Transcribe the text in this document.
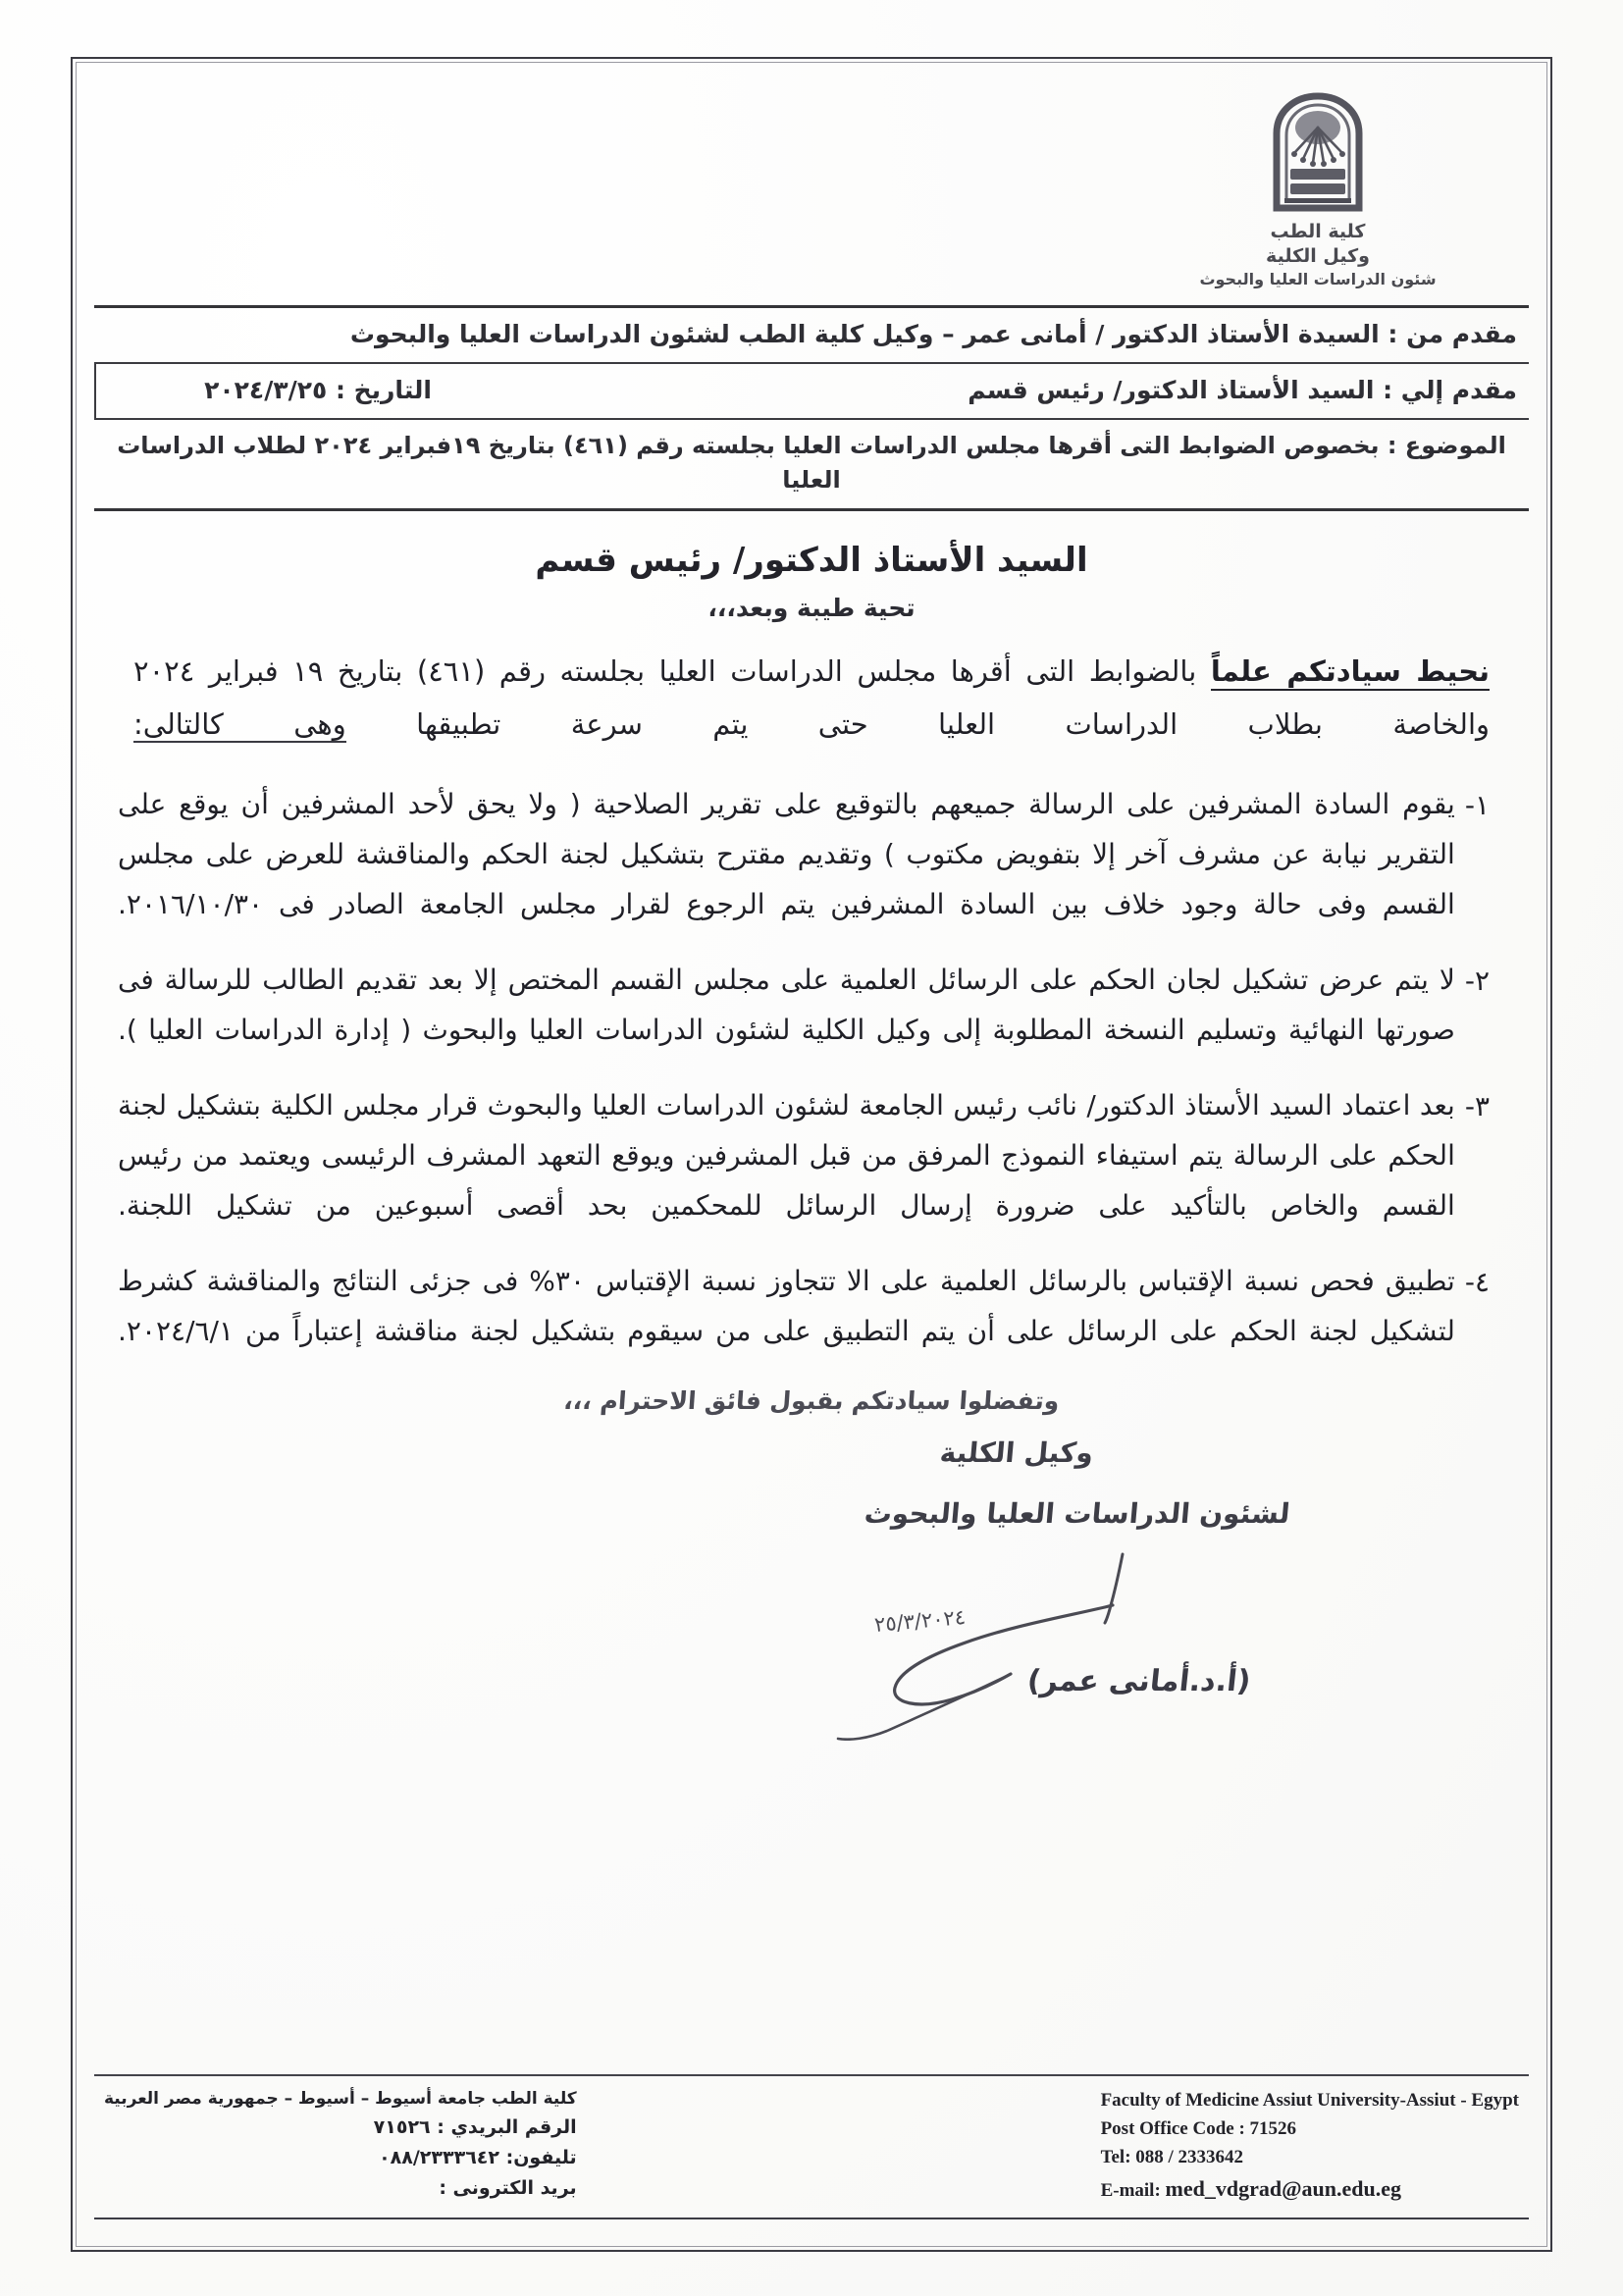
كلية الطب
وكيل الكلية
شئون الدراسات العليا والبحوث
مقدم من : السيدة الأستاذ الدكتور / أمانى عمر – وكيل كلية الطب لشئون الدراسات العليا والبحوث
مقدم إلي : السيد الأستاذ الدكتور/ رئيس قسم
التاريخ : ٢٠٢٤/٣/٢٥
الموضوع : بخصوص الضوابط التى أقرها مجلس الدراسات العليا بجلسته رقم (٤٦١) بتاريخ ١٩فبراير ٢٠٢٤ لطلاب الدراسات العليا
السيد الأستاذ الدكتور/ رئيس قسم
تحية طيبة وبعد،،،

نحيط سيادتكم علماً بالضوابط التى أقرها مجلس الدراسات العليا بجلسته رقم (٤٦١) بتاريخ ١٩ فبراير ٢٠٢٤ والخاصة بطلاب الدراسات العليا حتى يتم سرعة تطبيقها وهى كالتالى:

١-
يقوم السادة المشرفين على الرسالة جميعهم بالتوقيع على تقرير الصلاحية ( ولا يحق لأحد المشرفين أن يوقع على التقرير نيابة عن مشرف آخر إلا بتفويض مكتوب ) وتقديم مقترح بتشكيل لجنة الحكم والمناقشة للعرض على مجلس القسم وفى حالة وجود خلاف بين السادة المشرفين يتم الرجوع لقرار مجلس الجامعة الصادر فى ٢٠١٦/١٠/٣٠.
٢-
لا يتم عرض تشكيل لجان الحكم على الرسائل العلمية على مجلس القسم المختص إلا بعد تقديم الطالب للرسالة فى صورتها النهائية وتسليم النسخة المطلوبة إلى وكيل الكلية لشئون الدراسات العليا والبحوث ( إدارة الدراسات العليا ).
٣-
بعد اعتماد السيد الأستاذ الدكتور/ نائب رئيس الجامعة لشئون الدراسات العليا والبحوث قرار مجلس الكلية بتشكيل لجنة الحكم على الرسالة يتم استيفاء النموذج المرفق من قبل المشرفين ويوقع التعهد المشرف الرئيسى ويعتمد من رئيس القسم والخاص بالتأكيد على ضرورة إرسال الرسائل للمحكمين بحد أقصى أسبوعين من تشكيل اللجنة.
٤-
تطبيق فحص نسبة الإقتباس بالرسائل العلمية على الا تتجاوز نسبة الإقتباس ٣٠% فى جزئى النتائج والمناقشة كشرط لتشكيل لجنة الحكم على الرسائل على أن يتم التطبيق على من سيقوم بتشكيل لجنة مناقشة إعتباراً من ٢٠٢٤/٦/١.
وتفضلوا سيادتكم بقبول فائق الاحترام ،،،
وكيل الكلية
لشئون الدراسات العليا والبحوث
٢٥/٣/٢٠٢٤
(أ.د.أمانى عمر)
Faculty of Medicine Assiut University-Assiut - Egypt
Post Office Code : 71526
Tel: 088 / 2333642
E-mail: med_vdgrad@aun.edu.eg
كلية الطب جامعة أسيوط – أسيوط – جمهورية مصر العربية
الرقم البريدي : ٧١٥٢٦
تليفون: ٠٨٨/٢٣٣٣٦٤٢
بريد الكترونى :
